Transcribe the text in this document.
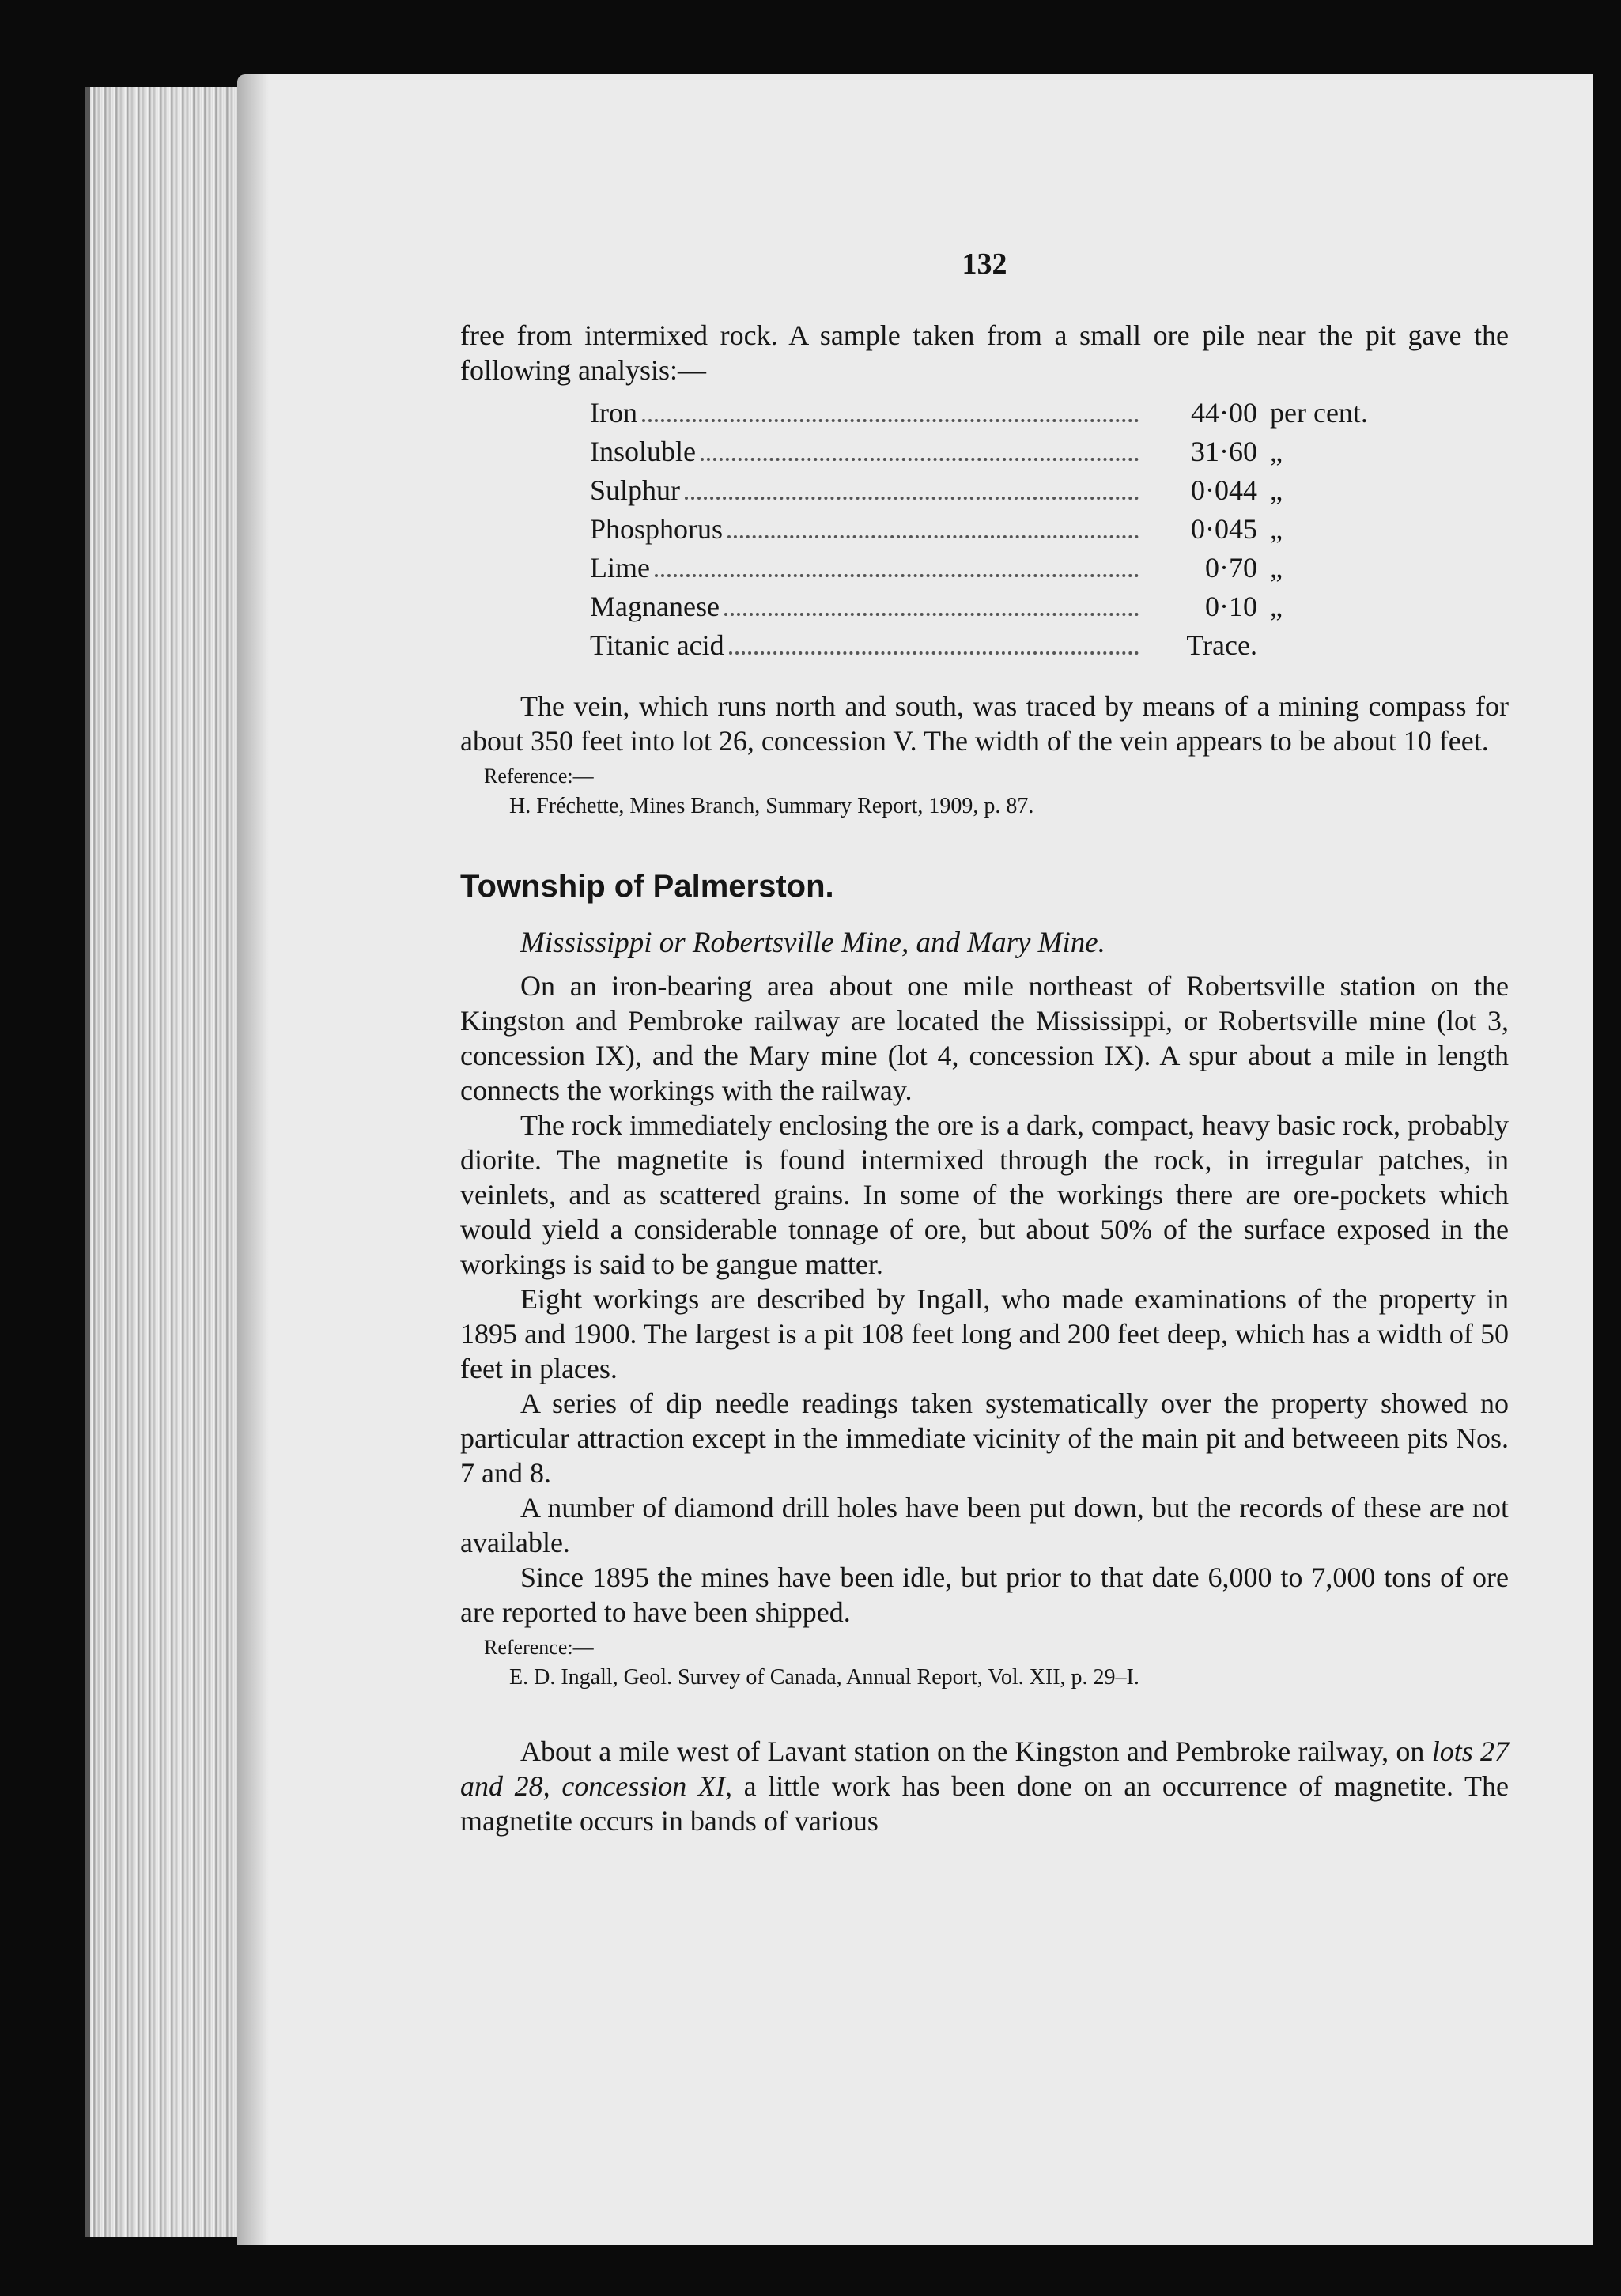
132

free from intermixed rock. A sample taken from a small ore pile near the pit gave the following analysis:—

Iron	44·00 per cent.
Insoluble	31·60 „
Sulphur	0·044 „
Phosphorus	0·045 „
Lime	0·70 „
Magnanese	0·10 „
Titanic acid	Trace.

The vein, which runs north and south, was traced by means of a mining compass for about 350 feet into lot 26, concession V. The width of the vein appears to be about 10 feet.

Reference:—
H. Fréchette, Mines Branch, Summary Report, 1909, p. 87.
Township of Palmerston.
Mississippi or Robertsville Mine, and Mary Mine.

On an iron-bearing area about one mile northeast of Robertsville station on the Kingston and Pembroke railway are located the Mississippi, or Robertsville mine (lot 3, concession IX), and the Mary mine (lot 4, concession IX). A spur about a mile in length connects the workings with the railway.

The rock immediately enclosing the ore is a dark, compact, heavy basic rock, probably diorite. The magnetite is found intermixed through the rock, in irregular patches, in veinlets, and as scattered grains. In some of the workings there are ore-pockets which would yield a considerable tonnage of ore, but about 50% of the surface exposed in the workings is said to be gangue matter.

Eight workings are described by Ingall, who made examinations of the property in 1895 and 1900. The largest is a pit 108 feet long and 200 feet deep, which has a width of 50 feet in places.

A series of dip needle readings taken systematically over the property showed no particular attraction except in the immediate vicinity of the main pit and betweeen pits Nos. 7 and 8.

A number of diamond drill holes have been put down, but the records of these are not available.

Since 1895 the mines have been idle, but prior to that date 6,000 to 7,000 tons of ore are reported to have been shipped.

Reference:—
E. D. Ingall, Geol. Survey of Canada, Annual Report, Vol. XII, p. 29–I.

About a mile west of Lavant station on the Kingston and Pembroke railway, on lots 27 and 28, concession XI, a little work has been done on an occurrence of magnetite. The magnetite occurs in bands of various
